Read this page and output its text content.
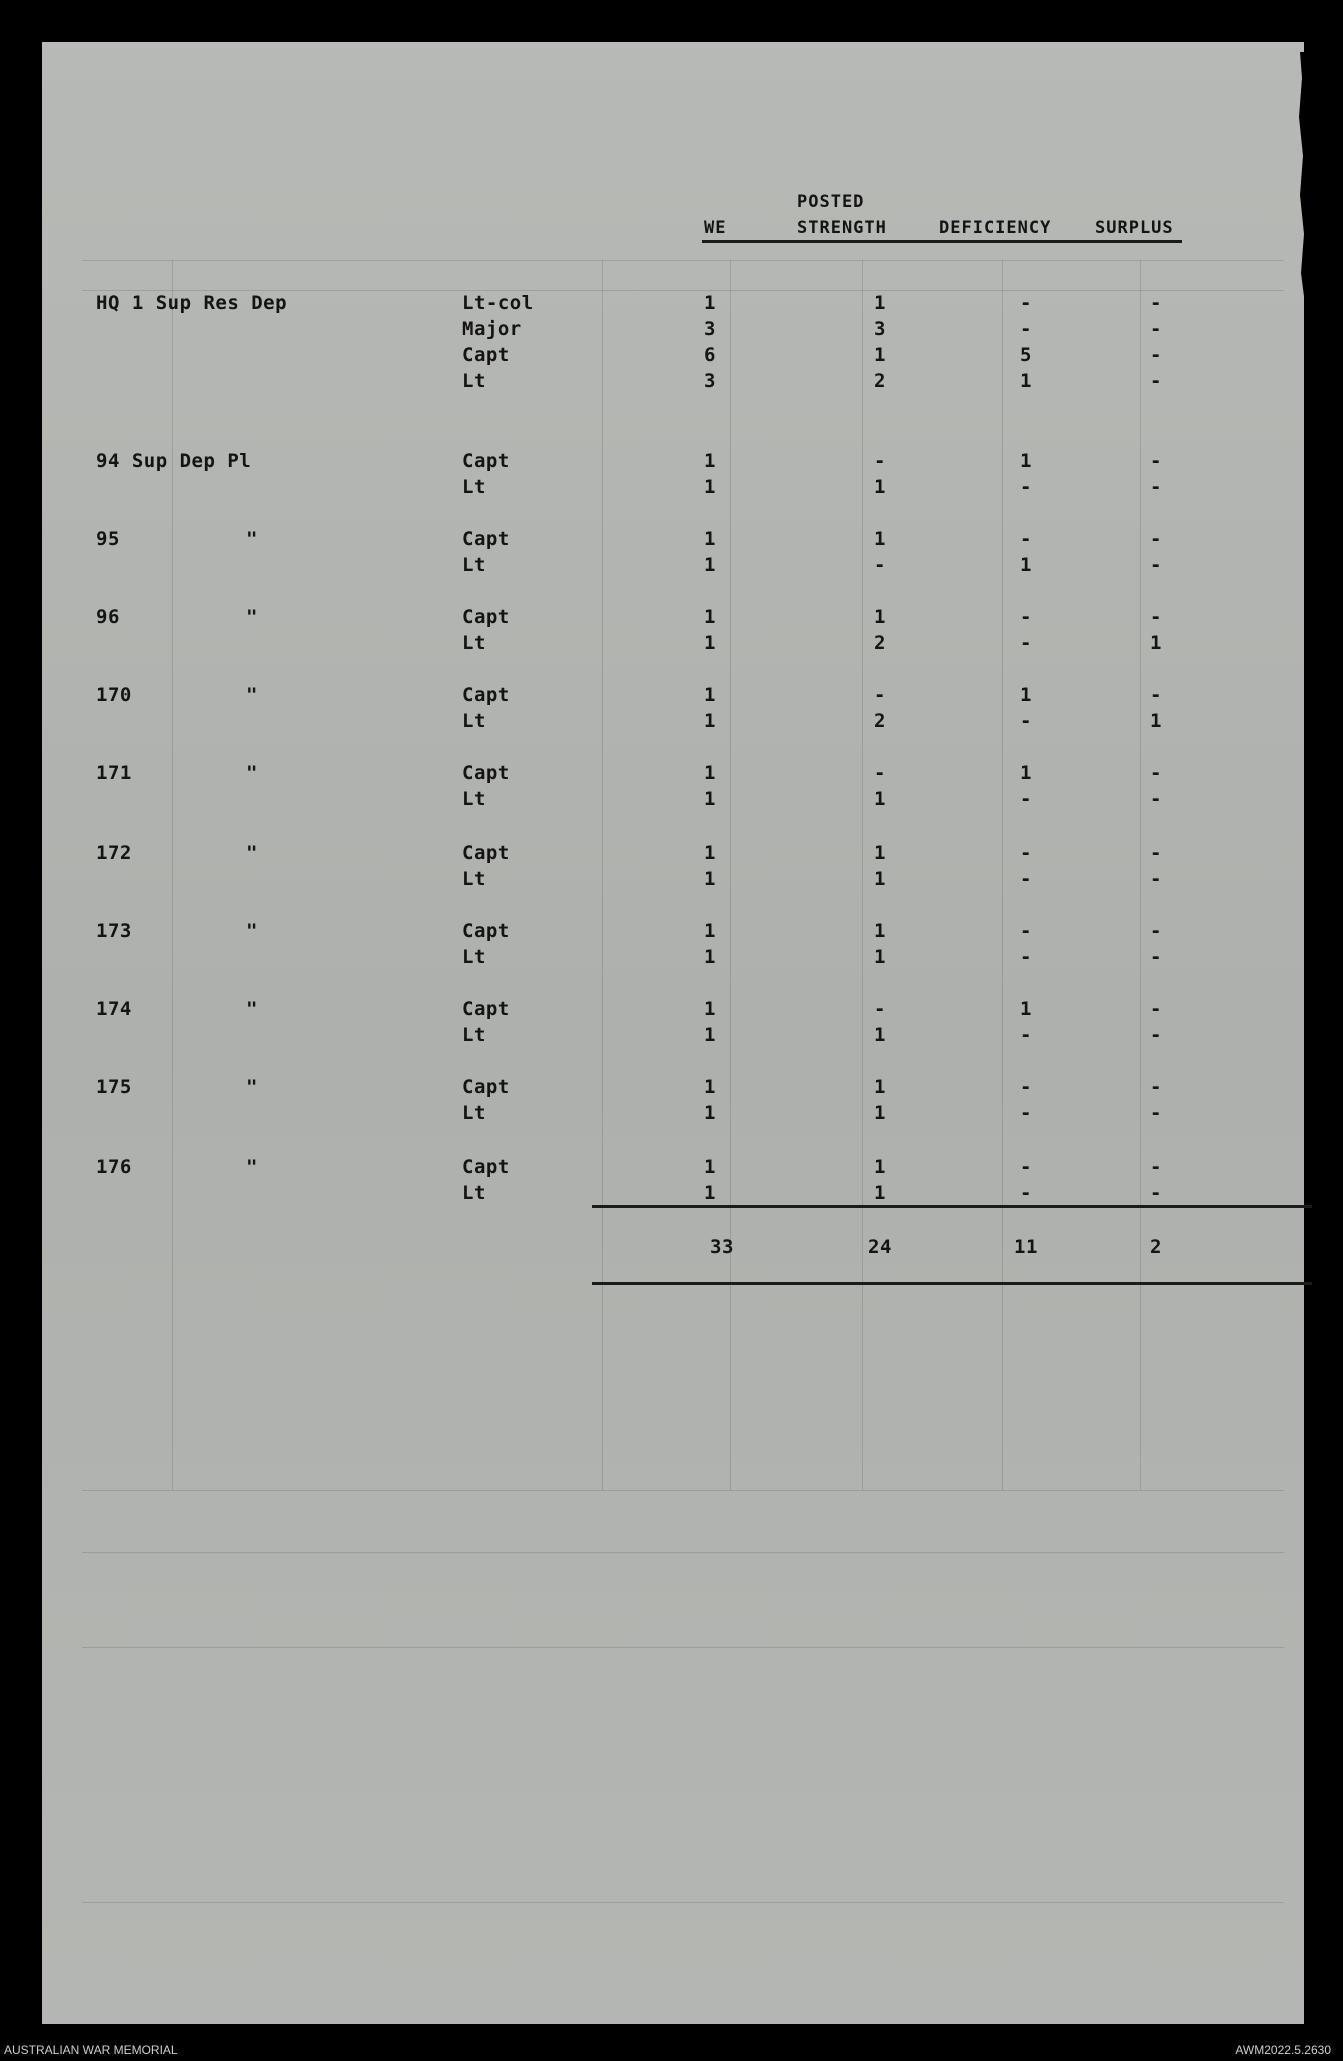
POSTED
WE	STRENGTH	DEFICIENCY	SURPLUS
HQ 1 Sup Res Dep	Lt-col	1	1	-	-
Major	3	3	-	-
Capt	6	1	5	-
Lt	3	2	1	-
94 Sup Dep Pl	Capt	1	-	1	-
Lt	1	1	-	-
95	"	Capt	1	1	-	-
Lt	1	-	1	-
96	"	Capt	1	1	-	-
Lt	1	2	-	1
170	"	Capt	1	-	1	-
Lt	1	2	-	1
171	"	Capt	1	-	1	-
Lt	1	1	-	-
172	"	Capt	1	1	-	-
Lt	1	1	-	-
173	"	Capt	1	1	-	-
Lt	1	1	-	-
174	"	Capt	1	-	1	-
Lt	1	1	-	-
175	"	Capt	1	1	-	-
Lt	1	1	-	-
176	"	Capt	1	1	-	-
Lt	1	1	-	-
33	24	11	2
AUSTRALIAN WAR MEMORIAL	AWM2022.5.2630
